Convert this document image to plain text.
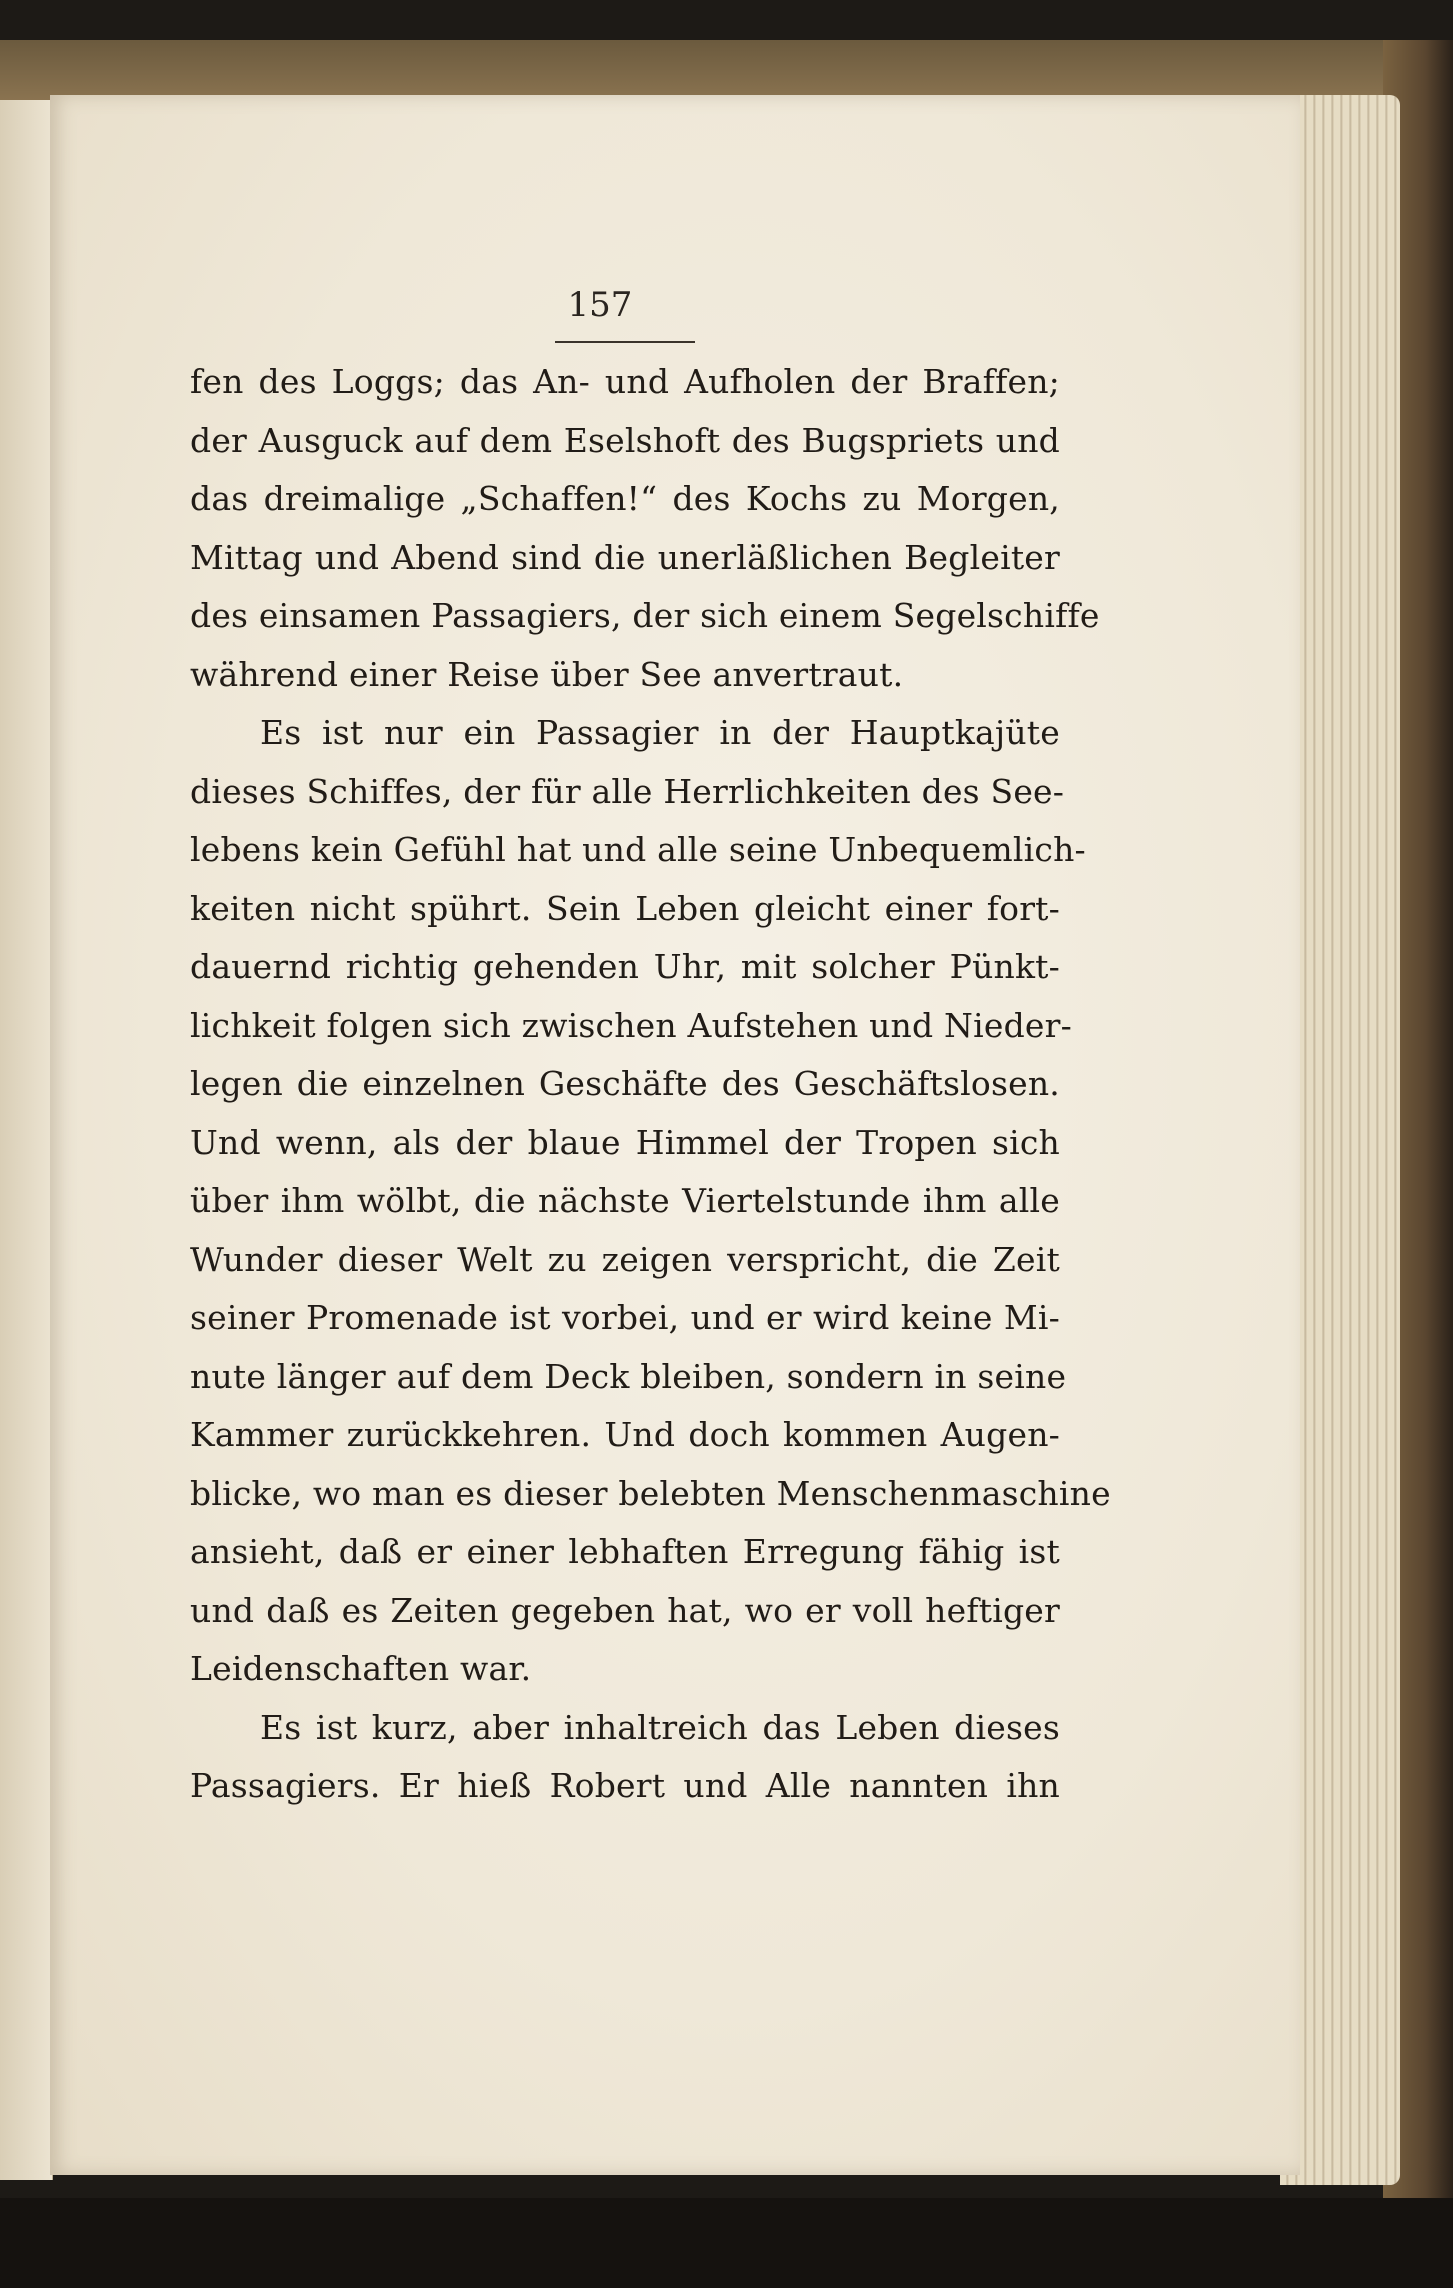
157

fen des Loggs; das An- und Aufholen der Braffen;
der Ausguck auf dem Eselshoft des Bugspriets und
das dreimalige „Schaffen!“ des Kochs zu Morgen,
Mittag und Abend sind die unerläßlichen Begleiter
des einsamen Passagiers, der sich einem Segelschiffe
während einer Reise über See anvertraut.
Es ist nur ein Passagier in der Hauptkajüte
dieses Schiffes, der für alle Herrlichkeiten des See-
lebens kein Gefühl hat und alle seine Unbequemlich-
keiten nicht spührt. Sein Leben gleicht einer fort-
dauernd richtig gehenden Uhr, mit solcher Pünkt-
lichkeit folgen sich zwischen Aufstehen und Nieder-
legen die einzelnen Geschäfte des Geschäftslosen.
Und wenn, als der blaue Himmel der Tropen sich
über ihm wölbt, die nächste Viertelstunde ihm alle
Wunder dieser Welt zu zeigen verspricht, die Zeit
seiner Promenade ist vorbei, und er wird keine Mi-
nute länger auf dem Deck bleiben, sondern in seine
Kammer zurückkehren. Und doch kommen Augen-
blicke, wo man es dieser belebten Menschenmaschine
ansieht, daß er einer lebhaften Erregung fähig ist
und daß es Zeiten gegeben hat, wo er voll heftiger
Leidenschaften war.
Es ist kurz, aber inhaltreich das Leben dieses
Passagiers. Er hieß Robert und Alle nannten ihn
